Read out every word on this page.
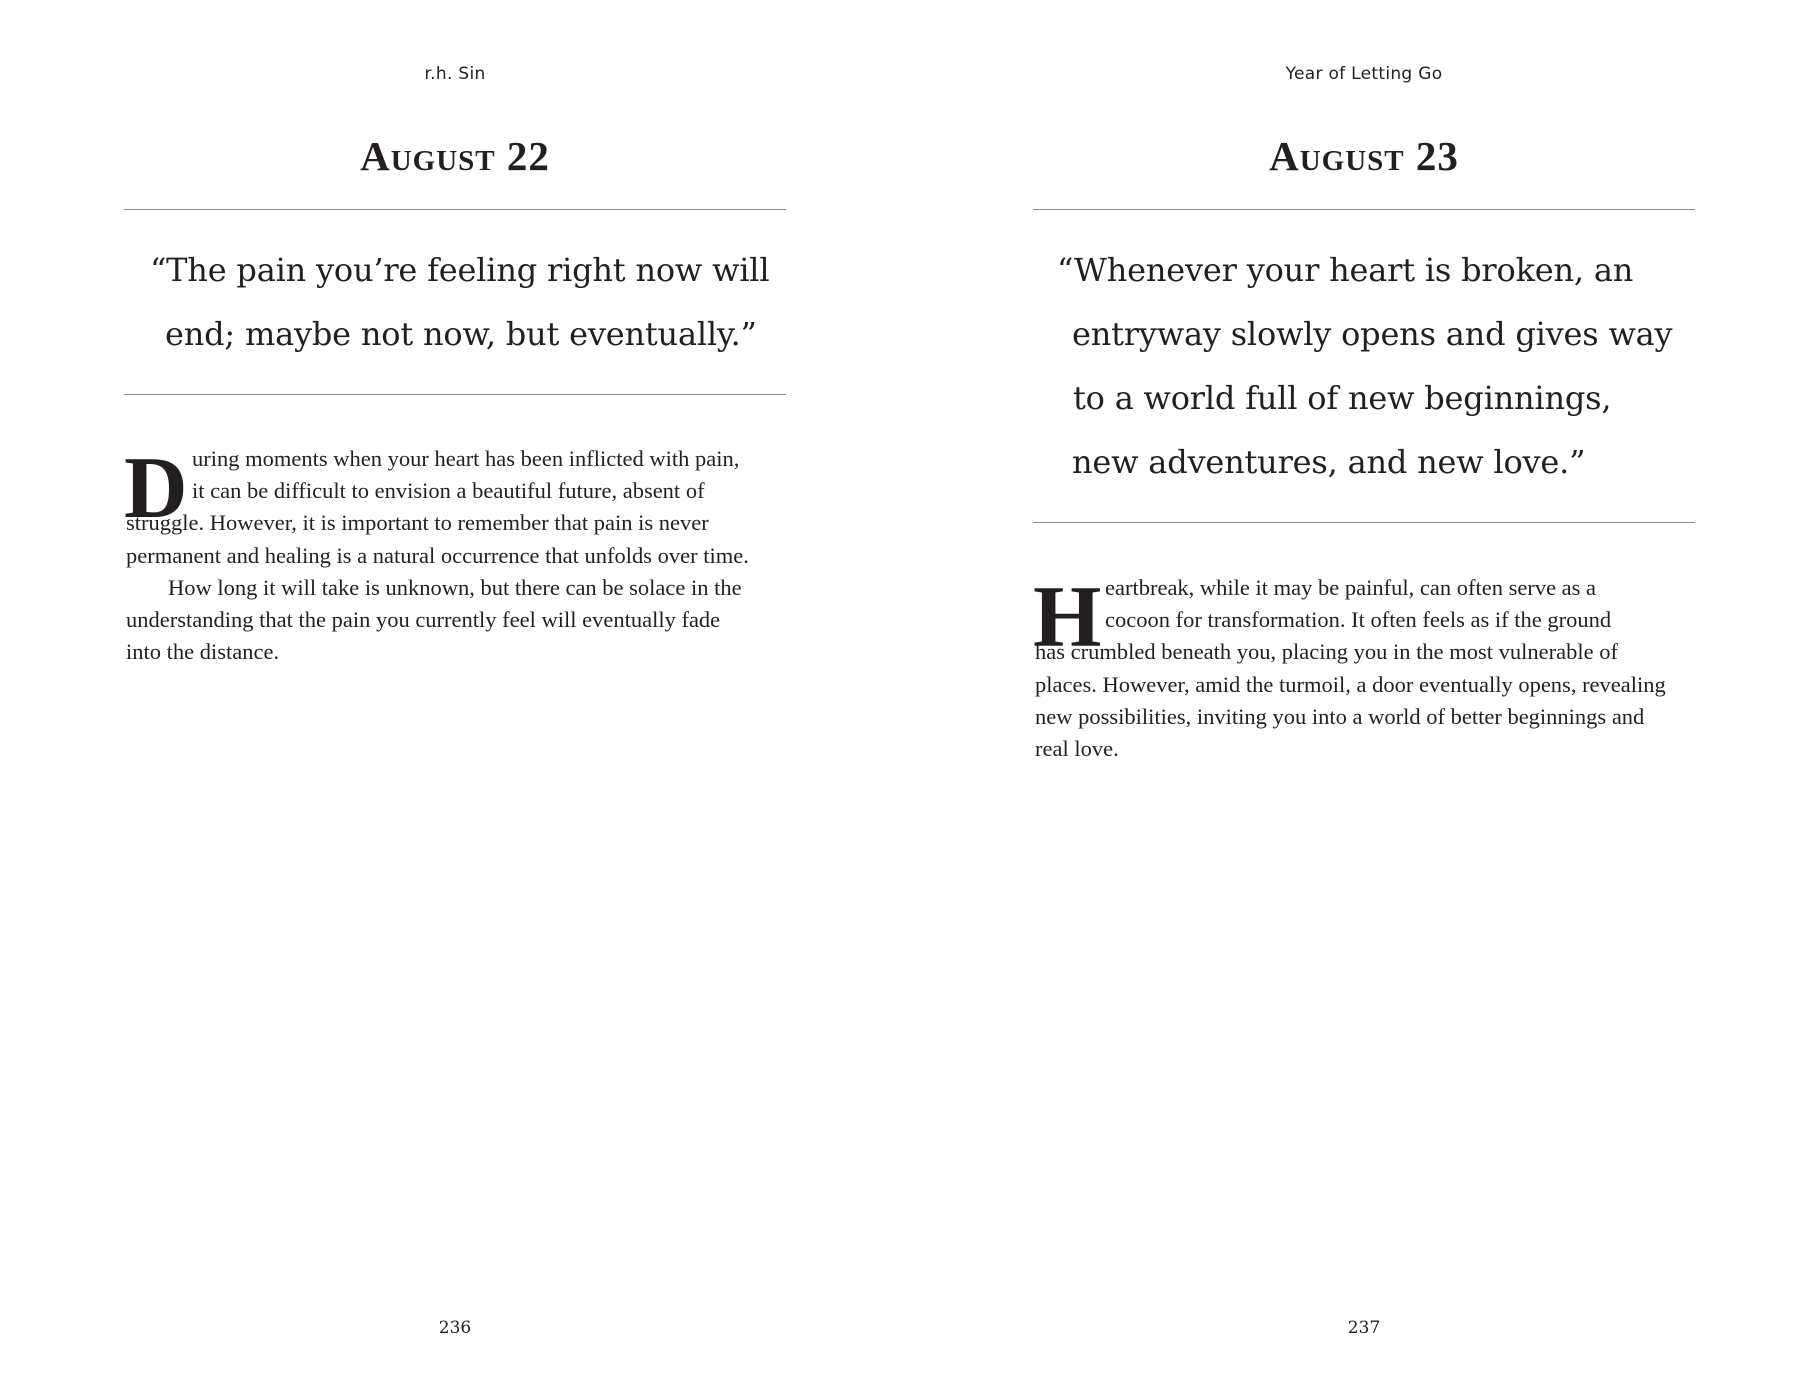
r.h. Sin
August 22
“The pain you’re feeling right now will
end; maybe not now, but eventually.”
D uring moments when your heart has been inflicted with pain,
it can be difficult to envision a beautiful future, absent of
struggle. However, it is important to remember that pain is never
permanent and healing is a natural occurrence that unfolds over time.
How long it will take is unknown, but there can be solace in the
understanding that the pain you currently feel will eventually fade
into the distance.
236
Year of Letting Go
August 23
“Whenever your heart is broken, an
entryway slowly opens and gives way
to a world full of new beginnings,
new adventures, and new love.”
H eartbreak, while it may be painful, can often serve as a
cocoon for transformation. It often feels as if the ground
has crumbled beneath you, placing you in the most vulnerable of
places. However, amid the turmoil, a door eventually opens, revealing
new possibilities, inviting you into a world of better beginnings and
real love.
237
